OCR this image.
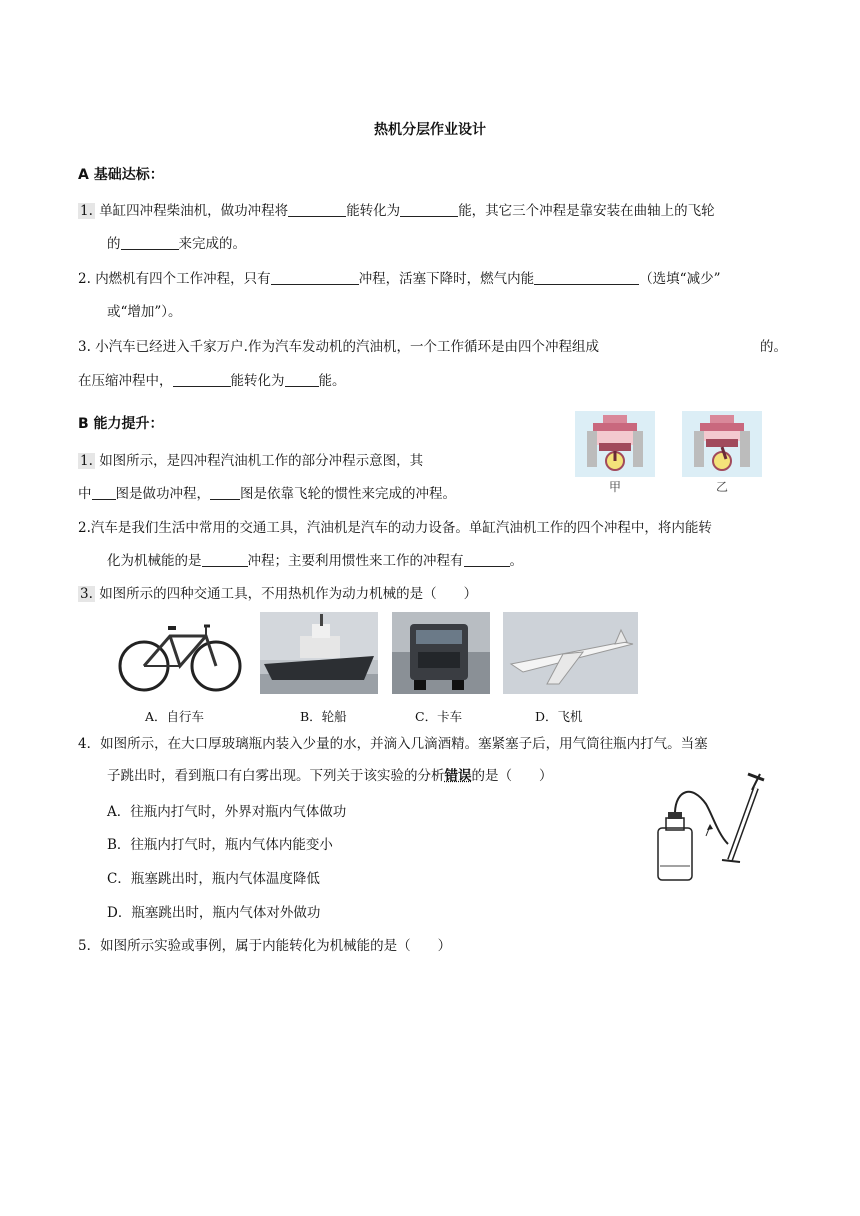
热机分层作业设计
A 基础达标：
1. 单缸四冲程柴油机，做功冲程将	能转化为	能，其它三个冲程是靠安装在曲轴上的飞轮
的	来完成的。
2. 内燃机有四个工作冲程，只有	冲程，活塞下降时，燃气内能	（选填“减少”
或“增加”）。
3. 小汽车已经进入千家万户.作为汽车发动机的汽油机，一个工作循环是由四个冲程组成	的。
在压缩冲程中，	能转化为	能。
B 能力提升：
甲	乙
1. 如图所示，是四冲程汽油机工作的部分冲程示意图，其
中 图是做功冲程， 图是依靠飞轮的惯性来完成的冲程。
2.汽车是我们生活中常用的交通工具，汽油机是汽车的动力设备。单缸汽油机工作的四个冲程中，将内能转
化为机械能的是	冲程；主要利用惯性来工作的冲程有	。
3. 如图所示的四种交通工具，不用热机作为动力机械的是（　　）
A．自行车	B．轮船	C．卡车	D．飞机
4．如图所示，在大口厚玻璃瓶内装入少量的水，并滴入几滴酒精。塞紧塞子后，用气筒往瓶内打气。当塞
子跳出时，看到瓶口有白雾出现。下列关于该实验的分析错误的是（　　）
A．往瓶内打气时，外界对瓶内气体做功
B．往瓶内打气时，瓶内气体内能变小
C．瓶塞跳出时，瓶内气体温度降低
D．瓶塞跳出时，瓶内气体对外做功
5．如图所示实验或事例，属于内能转化为机械能的是（　　）
